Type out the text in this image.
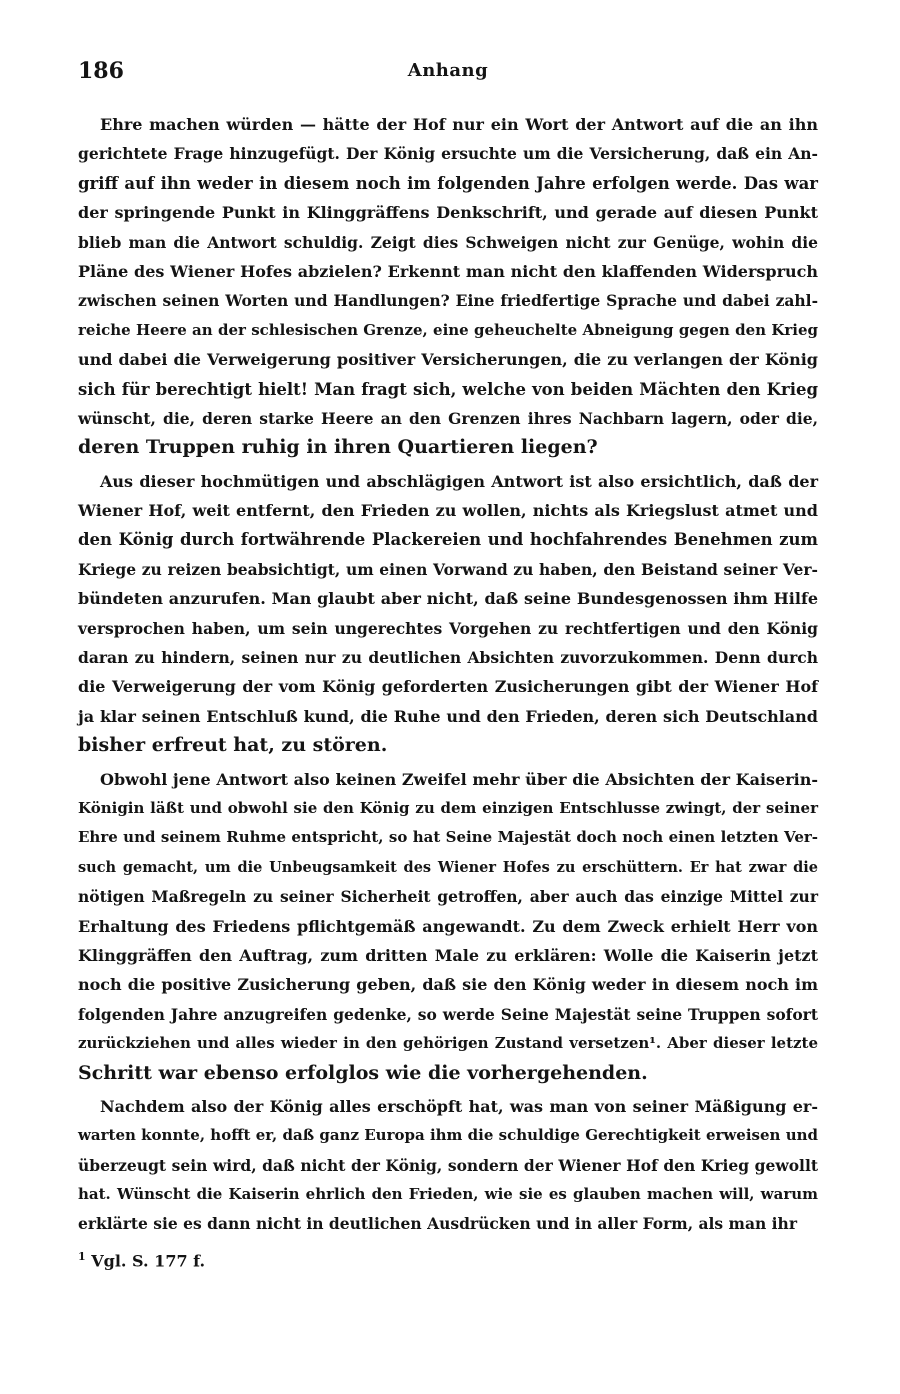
186	Anhang
Ehre machen würden — hätte der Hof nur ein Wort der Antwort auf die an ihn
gerichtete Frage hinzugefügt. Der König ersuchte um die Versicherung, daß ein An-
griff auf ihn weder in diesem noch im folgenden Jahre erfolgen werde. Das war
der springende Punkt in Klinggräffens Denkschrift, und gerade auf diesen Punkt
blieb man die Antwort schuldig. Zeigt dies Schweigen nicht zur Genüge, wohin die
Pläne des Wiener Hofes abzielen? Erkennt man nicht den klaffenden Widerspruch
zwischen seinen Worten und Handlungen? Eine friedfertige Sprache und dabei zahl-
reiche Heere an der schlesischen Grenze, eine geheuchelte Abneigung gegen den Krieg
und dabei die Verweigerung positiver Versicherungen, die zu verlangen der König
sich für berechtigt hielt! Man fragt sich, welche von beiden Mächten den Krieg
wünscht, die, deren starke Heere an den Grenzen ihres Nachbarn lagern, oder die,
deren Truppen ruhig in ihren Quartieren liegen?
Aus dieser hochmütigen und abschlägigen Antwort ist also ersichtlich, daß der
Wiener Hof, weit entfernt, den Frieden zu wollen, nichts als Kriegslust atmet und
den König durch fortwährende Plackereien und hochfahrendes Benehmen zum
Kriege zu reizen beabsichtigt, um einen Vorwand zu haben, den Beistand seiner Ver-
bündeten anzurufen. Man glaubt aber nicht, daß seine Bundesgenossen ihm Hilfe
versprochen haben, um sein ungerechtes Vorgehen zu rechtfertigen und den König
daran zu hindern, seinen nur zu deutlichen Absichten zuvorzukommen. Denn durch
die Verweigerung der vom König geforderten Zusicherungen gibt der Wiener Hof
ja klar seinen Entschluß kund, die Ruhe und den Frieden, deren sich Deutschland
bisher erfreut hat, zu stören.
Obwohl jene Antwort also keinen Zweifel mehr über die Absichten der Kaiserin-
Königin läßt und obwohl sie den König zu dem einzigen Entschlusse zwingt, der seiner
Ehre und seinem Ruhme entspricht, so hat Seine Majestät doch noch einen letzten Ver-
such gemacht, um die Unbeugsamkeit des Wiener Hofes zu erschüttern. Er hat zwar die
nötigen Maßregeln zu seiner Sicherheit getroffen, aber auch das einzige Mittel zur
Erhaltung des Friedens pflichtgemäß angewandt. Zu dem Zweck erhielt Herr von
Klinggräffen den Auftrag, zum dritten Male zu erklären: Wolle die Kaiserin jetzt
noch die positive Zusicherung geben, daß sie den König weder in diesem noch im
folgenden Jahre anzugreifen gedenke, so werde Seine Majestät seine Truppen sofort
zurückziehen und alles wieder in den gehörigen Zustand versetzen¹. Aber dieser letzte
Schritt war ebenso erfolglos wie die vorhergehenden.
Nachdem also der König alles erschöpft hat, was man von seiner Mäßigung er-
warten konnte, hofft er, daß ganz Europa ihm die schuldige Gerechtigkeit erweisen und
überzeugt sein wird, daß nicht der König, sondern der Wiener Hof den Krieg gewollt
hat. Wünscht die Kaiserin ehrlich den Frieden, wie sie es glauben machen will, warum
erklärte sie es dann nicht in deutlichen Ausdrücken und in aller Form, als man ihr
$^1$ Vgl. S. 177 f.
